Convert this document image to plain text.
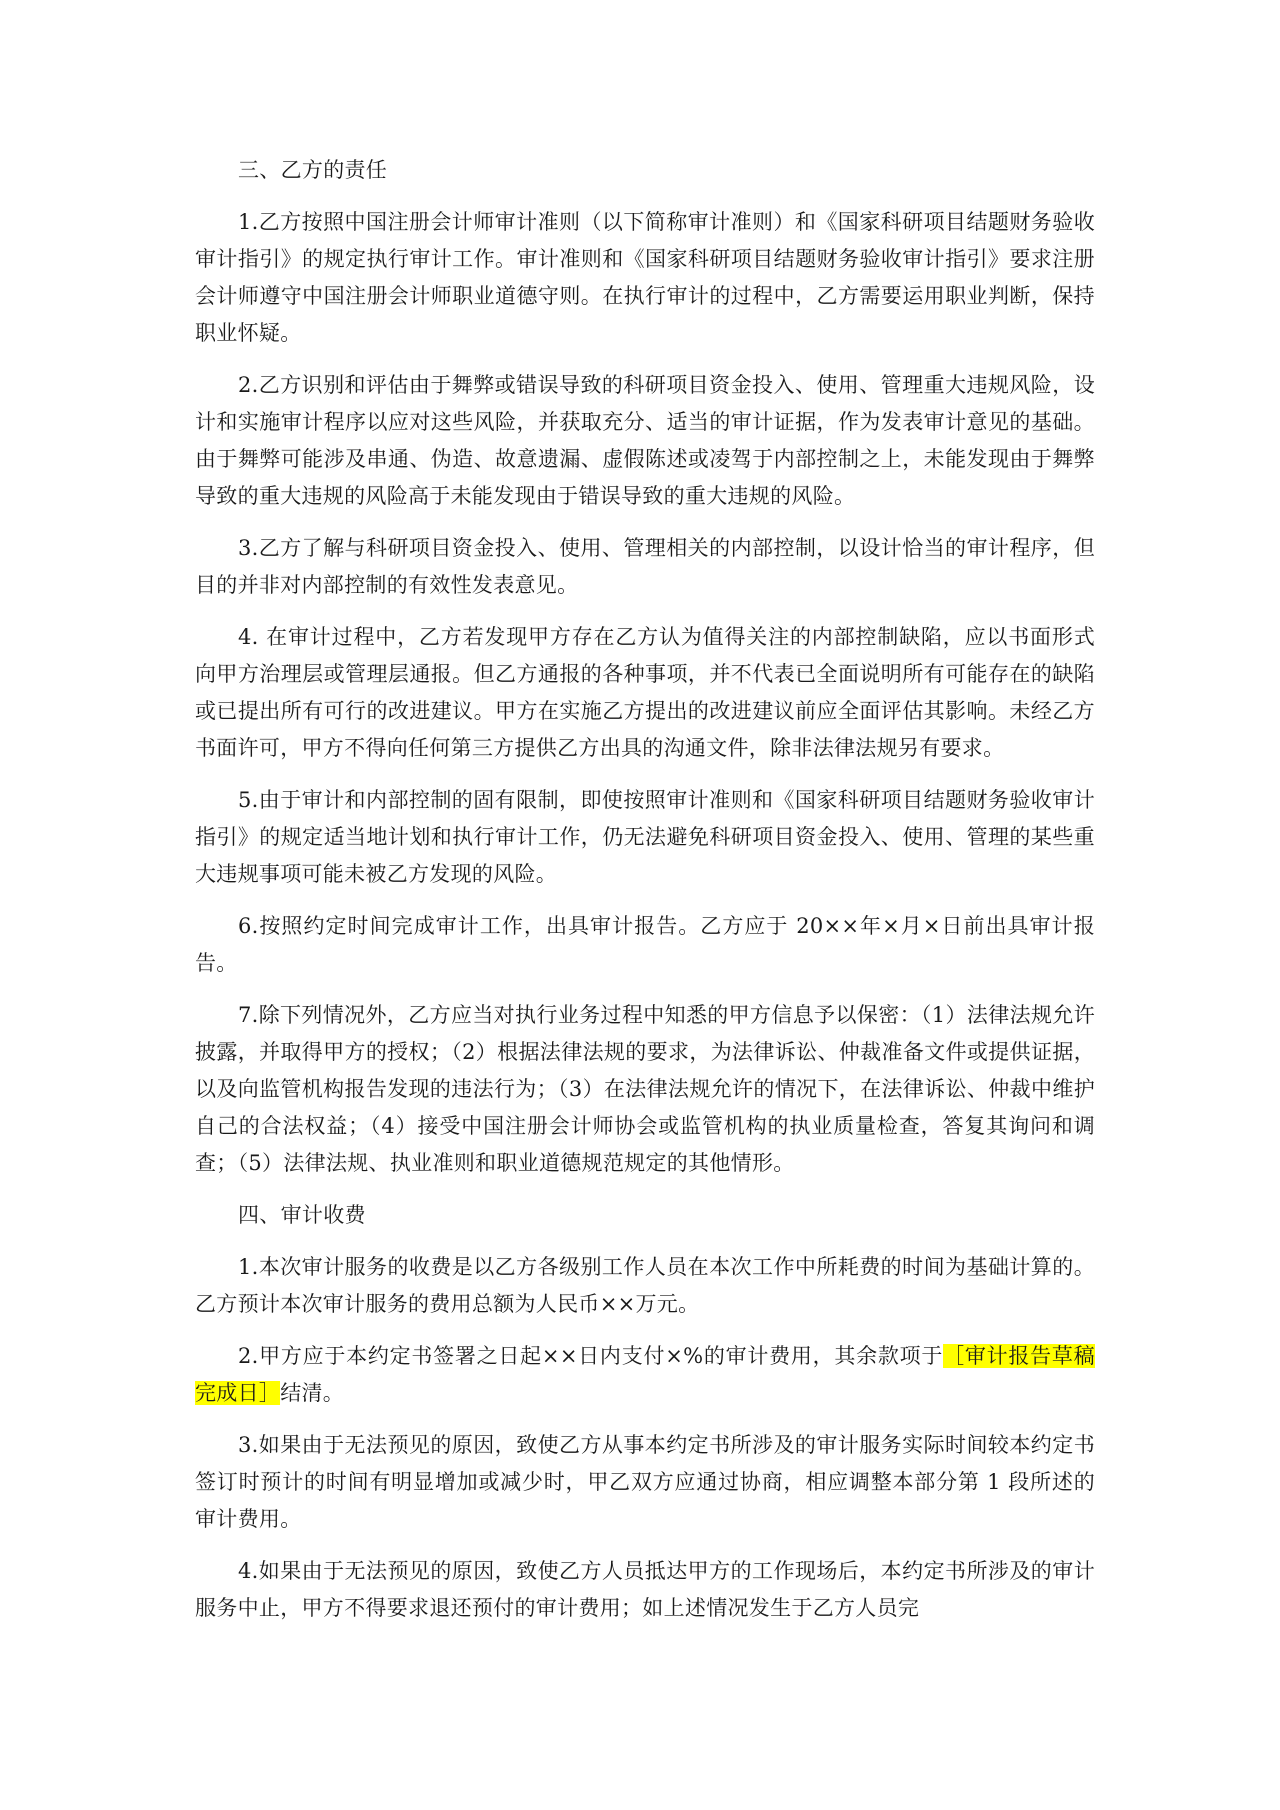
三、乙方的责任

1.乙方按照中国注册会计师审计准则（以下简称审计准则）和《国家科研项目结题财务验收审计指引》的规定执行审计工作。审计准则和《国家科研项目结题财务验收审计指引》要求注册会计师遵守中国注册会计师职业道德守则。在执行审计的过程中，乙方需要运用职业判断，保持职业怀疑。

2.乙方识别和评估由于舞弊或错误导致的科研项目资金投入、使用、管理重大违规风险，设计和实施审计程序以应对这些风险，并获取充分、适当的审计证据，作为发表审计意见的基础。由于舞弊可能涉及串通、伪造、故意遗漏、虚假陈述或凌驾于内部控制之上，未能发现由于舞弊导致的重大违规的风险高于未能发现由于错误导致的重大违规的风险。

3.乙方了解与科研项目资金投入、使用、管理相关的内部控制，以设计恰当的审计程序，但目的并非对内部控制的有效性发表意见。

4. 在审计过程中，乙方若发现甲方存在乙方认为值得关注的内部控制缺陷，应以书面形式向甲方治理层或管理层通报。但乙方通报的各种事项，并不代表已全面说明所有可能存在的缺陷或已提出所有可行的改进建议。甲方在实施乙方提出的改进建议前应全面评估其影响。未经乙方书面许可，甲方不得向任何第三方提供乙方出具的沟通文件，除非法律法规另有要求。

5.由于审计和内部控制的固有限制，即使按照审计准则和《国家科研项目结题财务验收审计指引》的规定适当地计划和执行审计工作，仍无法避免科研项目资金投入、使用、管理的某些重大违规事项可能未被乙方发现的风险。

6.按照约定时间完成审计工作，出具审计报告。乙方应于 20××年×月×日前出具审计报告。

7.除下列情况外，乙方应当对执行业务过程中知悉的甲方信息予以保密：（1）法律法规允许披露，并取得甲方的授权；（2）根据法律法规的要求，为法律诉讼、仲裁准备文件或提供证据，以及向监管机构报告发现的违法行为；（3）在法律法规允许的情况下，在法律诉讼、仲裁中维护自己的合法权益；（4）接受中国注册会计师协会或监管机构的执业质量检查，答复其询问和调查；（5）法律法规、执业准则和职业道德规范规定的其他情形。

四、审计收费

1.本次审计服务的收费是以乙方各级别工作人员在本次工作中所耗费的时间为基础计算的。乙方预计本次审计服务的费用总额为人民币××万元。

2.甲方应于本约定书签署之日起××日内支付×%的审计费用，其余款项于［审计报告草稿完成日］结清。

3.如果由于无法预见的原因，致使乙方从事本约定书所涉及的审计服务实际时间较本约定书签订时预计的时间有明显增加或减少时，甲乙双方应通过协商，相应调整本部分第 1 段所述的审计费用。

4.如果由于无法预见的原因，致使乙方人员抵达甲方的工作现场后，本约定书所涉及的审计服务中止，甲方不得要求退还预付的审计费用；如上述情况发生于乙方人员完
